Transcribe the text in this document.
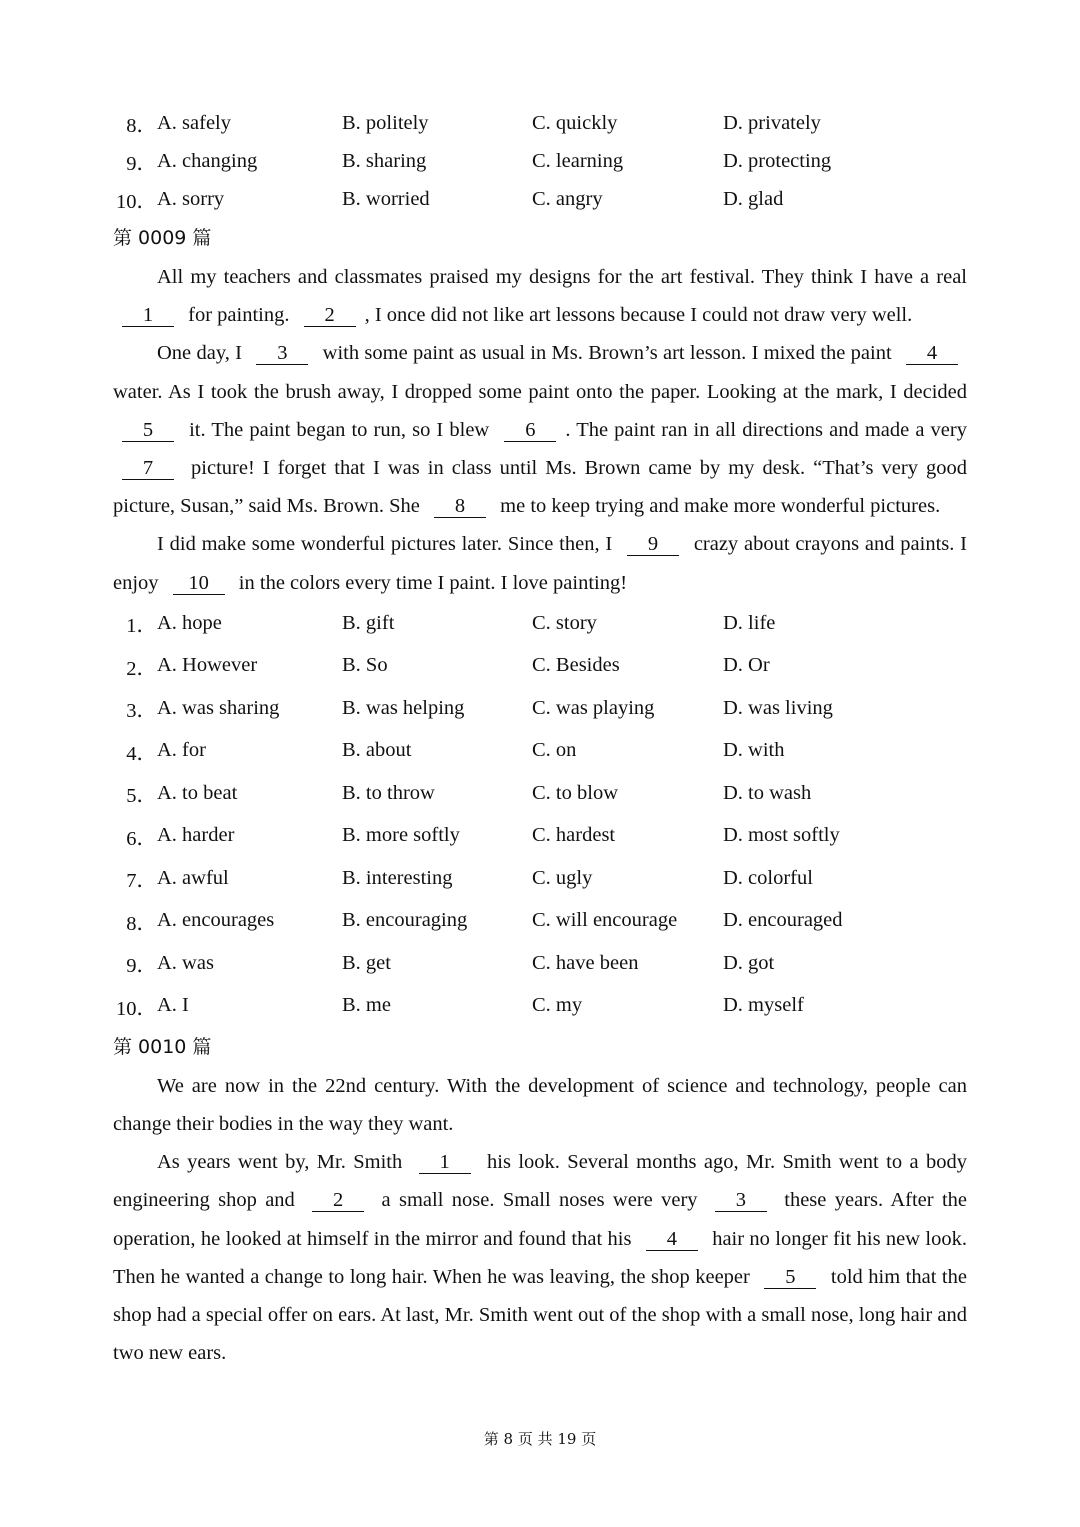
8． A. safely	B. politely	C. quickly	D. privately
9． A. changing	B. sharing	C. learning	D. protecting
10． A. sorry	B. worried	C. angry	D. glad
第 0009 篇

All my teachers and classmates praised my designs for the art festival. They think I have a real 1 for painting. 2 , I once did not like art lessons because I could not draw very well.

One day, I 3 with some paint as usual in Ms. Brown’s art lesson. I mixed the paint 4 water. As I took the brush away, I dropped some paint onto the paper. Looking at the mark, I decided 5 it. The paint began to run, so I blew 6 . The paint ran in all directions and made a very 7 picture! I forget that I was in class until Ms. Brown came by my desk. “That’s very good picture, Susan,” said Ms. Brown. She 8 me to keep trying and make more wonderful pictures.

I did make some wonderful pictures later. Since then, I 9 crazy about crayons and paints. I enjoy 10 in the colors every time I paint. I love painting!

1． A. hope	B. gift	C. story	D. life
2． A. However	B. So	C. Besides	D. Or
3． A. was sharing	B. was helping	C. was playing	D. was living
4． A. for	B. about	C. on	D. with
5． A. to beat	B. to throw	C. to blow	D. to wash
6． A. harder	B. more softly	C. hardest	D. most softly
7． A. awful	B. interesting	C. ugly	D. colorful
8． A. encourages	B. encouraging	C. will encourage	D. encouraged
9． A. was	B. get	C. have been	D. got
10． A. I	B. me	C. my	D. myself
第 0010 篇

We are now in the 22nd century. With the development of science and technology, people can change their bodies in the way they want.

As years went by, Mr. Smith 1 his look. Several months ago, Mr. Smith went to a body engineering shop and 2 a small nose. Small noses were very 3 these years. After the operation, he looked at himself in the mirror and found that his 4 hair no longer fit his new look. Then he wanted a change to long hair. When he was leaving, the shop keeper 5 told him that the shop had a special offer on ears. At last, Mr. Smith went out of the shop with a small nose, long hair and two new ears.

第 8 页 共 19 页
